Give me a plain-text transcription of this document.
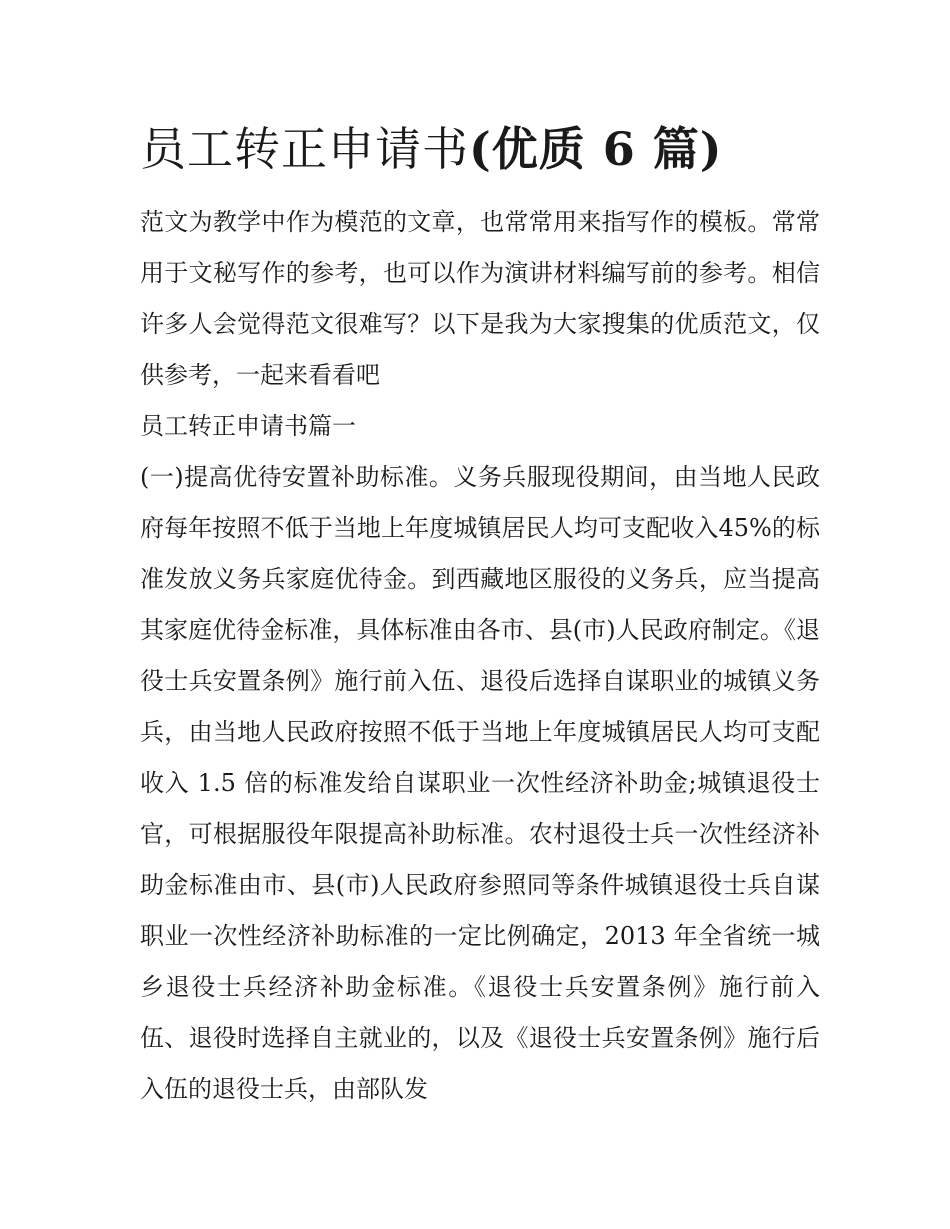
员工转正申请书(优质 6 篇)

范文为教学中作为模范的文章，也常常用来指写作的模板。常常用于文秘写作的参考，也可以作为演讲材料编写前的参考。相信许多人会觉得范文很难写？以下是我为大家搜集的优质范文，仅供参考，一起来看看吧

员工转正申请书篇一

(一)提高优待安置补助标准。义务兵服现役期间，由当地人民政府每年按照不低于当地上年度城镇居民人均可支配收入45%的标准发放义务兵家庭优待金。到西藏地区服役的义务兵，应当提高其家庭优待金标准，具体标准由各市、县(市)人民政府制定。《退役士兵安置条例》施行前入伍、退役后选择自谋职业的城镇义务兵，由当地人民政府按照不低于当地上年度城镇居民人均可支配收入 1.5 倍的标准发给自谋职业一次性经济补助金;城镇退役士官，可根据服役年限提高补助标准。农村退役士兵一次性经济补助金标准由市、县(市)人民政府参照同等条件城镇退役士兵自谋职业一次性经济补助标准的一定比例确定，2013 年全省统一城乡退役士兵经济补助金标准。《退役士兵安置条例》施行前入伍、退役时选择自主就业的，以及《退役士兵安置条例》施行后入伍的退役士兵，由部队发
